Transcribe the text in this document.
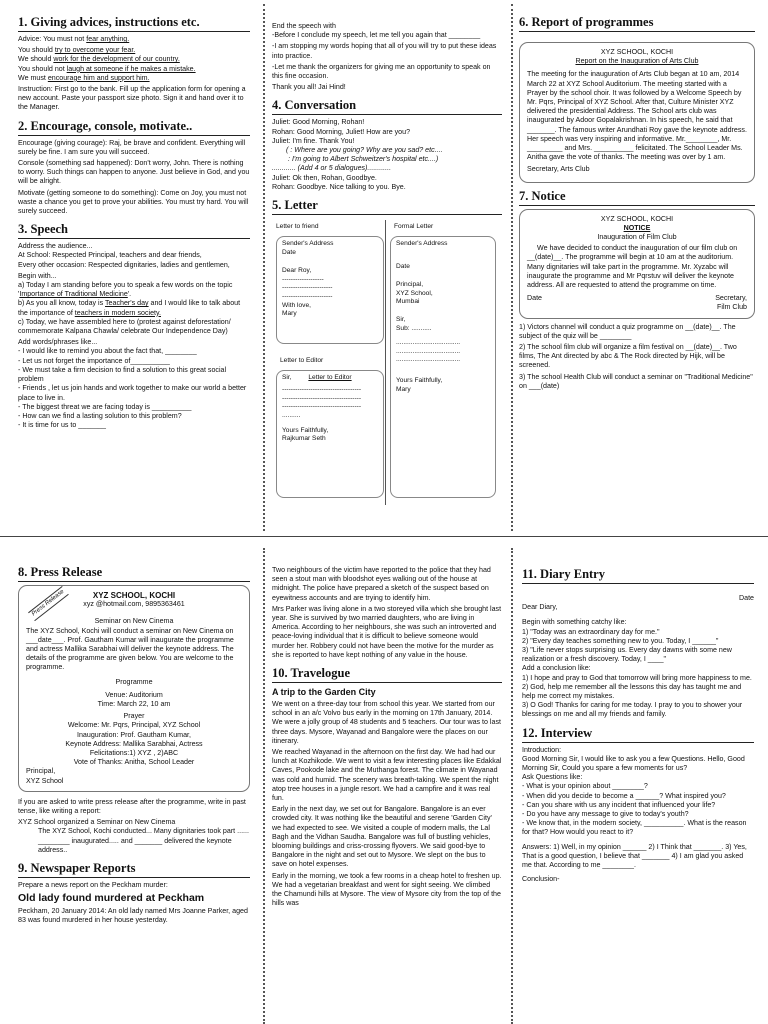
1. Giving advices, instructions etc.

Advice: You must not fear anything.

You should try to overcome your fear.

We should work for the development of our country.

You should not laugh at someone if he makes a mistake.

We must encourage him and support him.

Instruction: First go to the bank. Fill up the application form for opening a new account. Paste your passport size photo. Sign it and hand over it to the Manager.

2. Encourage, console, motivate..

Encourage (giving courage): Raj, be brave and confident. Everything will surely be fine. I am sure you will succeed.

Console (something sad happened): Don't worry, John. There is nothing to worry. Such things can happen to anyone. Just believe in God, and you will be alright.

Motivate (getting someone to do something): Come on Joy, you must not waste a chance you get to prove your abilities. You must try hard. You will surely succeed.

3. Speech

Address the audience...

At School: Respected Principal, teachers and dear friends,

Every other occasion: Respected dignitaries, ladies and gentlemen,

Begin with...

a) Today I am standing before you to speak a few words on the topic 'Importance of Traditional Medicine'.

b) As you all know, today is Teacher's day and I would like to talk about the importance of teachers in modern society.

c) Today, we have assembled here to (protest against deforestation/ commemorate Kalpana Chawla/ celebrate Our Independence Day)

Add words/phrases like...

- I would like to remind you about the fact that, ________

- Let us not forget the importance of__________

- We must take a firm decision to find a solution to this great social problem

- Friends , let us join hands and work together to make our world a better place to live in.

- The biggest threat we are facing today is __________

- How can we find a lasting solution to this problem?

- It is time for us to _______

End the speech with

-Before I conclude my speech, let me tell you again that ________

-I am stopping my words hoping that all of you will try to put these ideas into practice.

-Let me thank the organizers for giving me an opportunity to speak on this fine occasion.

Thank you all! Jai Hind!

4. Conversation

Juliet: Good Morning, Rohan!

Rohan: Good Morning, Juliet! How are you?

Juliet: I'm fine. Thank You!

( : Where are you going? Why are you sad? etc....

: I'm going to Albert Schweitzer's hospital etc....)

............ (Add 4 or 5 dialogues)............

Juliet: Ok then, Rohan, Goodbye.

Rohan: Goodbye. Nice talking to you. Bye.

5. Letter
Letter to friend
Sender's Address
Date
Dear Roy,
-------------------
-----------------------
-----------------------
With love,
Mary
Letter to Editor
Sir,	Letter to Editor
------------------------------------
------------------------------------
------------------------------------
..........
Yours Faithfully,
Rajkumar Seth
Formal Letter
Sender's Address
Date
Principal,
XYZ School,
Mumbai
Sir,
Sub: ...........
...................................
...................................
...................................
Yours Faithfully,
Mary
6. Report of programmes
XYZ SCHOOL, KOCHI
Report on the Inauguration of Arts Club

The meeting for the inauguration of Arts Club began at 10 am, 2014 March 22 at XYZ School Auditorium. The meeting started with a Prayer by the school choir. It was followed by a Welcome Speech by Mr. Pqrs, Principal of XYZ School. After that, Culture Minister XYZ delivered the presidential Address. The School arts club was inaugurated by Adoor Gopalakrishnan. In his speech, he said that _______. The famous writer Arundhati Roy gave the keynote address. Her speech was very inspiring and informative. Mr.________, Mr. _________ and Mrs. __________ felicitated. The School Leader Ms. Anitha gave the vote of thanks. The meeting was over by 1 am.

Secretary, Arts Club

7. Notice
XYZ SCHOOL, KOCHI
NOTICE
Inauguration of Film Club

We have decided to conduct the inauguration of our film club on __(date)__. The programme will begin at 10 am at the auditorium. Many dignitaries will take part in the programme. Mr. Xyzabc will inaugurate the programme and Mr Pqrstuv will deliver the keynote address. All are requested to attend the programme on time.

Date	Secretary,
Film Club

1) Victors channel will conduct a quiz programme on __(date)__. The subject of the quiz will be ________

2) The school film club will organize a film festival on __(date)__. Two films, The Ant directed by abc & The Rock directed by Hijk, will be screened.

3) The school Health Club will conduct a seminar on "Traditional Medicine" on ___(date)

8. Press Release
Press Release	XYZ SCHOOL, KOCHI
xyz @hotmail.com, 9895363461
Seminar on New Cinema

The XYZ School, Kochi will conduct a seminar on New Cinema on ___date___. Prof. Gautham Kumar will inaugurate the programme and actress Mallika Sarabhai will deliver the keynote address. The details of the programme are given below. You are welcome to the programme.

Programme
Venue: Auditorium
Time: March 22, 10 am
Prayer
Welcome: Mr. Pqrs, Principal, XYZ School
Inauguration: Prof. Gautham Kumar,
Keynote Address: Mallika Sarabhai, Actress
Felicitations:1) XYZ , 2)ABC
Vote of Thanks: Anitha, School Leader
Principal,
XYZ School

If you are asked to write press release after the programme, write in past tense, like writing a report:

XYZ School organized a Seminar on New Cinema

The XYZ School, Kochi conducted... Many dignitaries took part ...... ________ inaugurated..... and _______ delivered the keynote address..

9. Newspaper Reports

Prepare a news report on the Peckham murder:

Old lady found murdered at Peckham

Peckham, 20 January 2014: An old lady named Mrs Joanne Parker, aged 83 was found murdered in her house yesterday.

Two neighbours of the victim have reported to the police that they had seen a stout man with bloodshot eyes walking out of the house at midnight. The police have prepared a sketch of the suspect based on eyewitness accounts and are trying to identify him.

Mrs Parker was living alone in a two storeyed villa which she brought last year. She is survived by two married daughters, who are living in America. According to her neighbours, she was such an introverted and peace-loving individual that it is difficult to believe someone would murder her. Robbery could not have been the motive for the murder as she is reported to have kept nothing of any value in the house.

10. Travelogue
A trip to the Garden City

We went on a three-day tour from school this year. We started from our school in an a/c Volvo bus early in the morning on 17th January, 2014. We were a jolly group of 48 students and 5 teachers. Our tour was to last three days. Mysore, Wayanad and Bangalore were the places on our itinerary.

We reached Wayanad in the afternoon on the first day. We had had our lunch at Kozhikode. We went to visit a few interesting places like Edakkal Caves, Pookode lake and the Muthanga forest. The climate in Wayanad was cold and humid. The scenery was breath-taking. We spent the night atop tree houses in a jungle resort. We had a campfire and it was real fun.

Early in the next day, we set out for Bangalore. Bangalore is an ever crowded city. It was nothing like the beautiful and serene 'Garden City' we had expected to see. We visited a couple of modern malls, the Lal Bagh and the Vidhan Saudha. Bangalore was full of bustling vehicles, blooming buildings and criss-crossing flyovers. We said good-bye to Bangalore in the night and set out to Mysore. We slept on the bus to save on hotel expenses.

Early in the morning, we took a few rooms in a cheap hotel to freshen up. We had a vegetarian breakfast and went for sight seeing. We climbed the Chamundi hills at Mysore. The view of Mysore city from the top of the hills was

11. Diary Entry
Date

Dear Diary,

Begin with something catchy like:

1) "Today was an extraordinary day for me."

2) "Every day teaches something new to you. Today, I ______"

3) "Life never stops surprising us. Every day dawns with some new realization or a fresh discovery. Today, I ____"

Add a conclusion like:

1) I hope and pray to God that tomorrow will bring more happiness to me.

2) God, help me remember all the lessons this day has taught me and help me correct my mistakes.

3) O God! Thanks for caring for me today. I pray to you to shower your blessings on me and all my friends and family.

12. Interview

Introduction:

Good Morning Sir, I would like to ask you a few Questions. Hello, Good Morning Sir, Could you spare a few moments for us?

Ask Questions like:

- What is your opinion about ________?

- When did you decide to become a ______? What inspired you?

- Can you share with us any incident that influenced your life?

- Do you have any message to give to today's youth?

- We know that, in the modern society, __________. What is the reason for that? How would you react to it?

Answers: 1) Well, in my opinion ______ 2) I Think that _______. 3) Yes, That is a good question, I believe that _______ 4) I am glad you asked me that. According to me ________.

Conclusion-
